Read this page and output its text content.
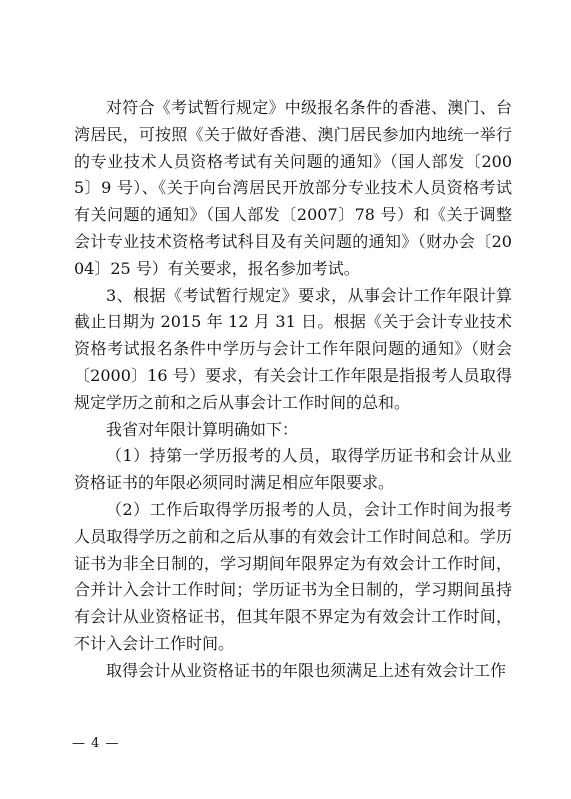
对符合《考试暂行规定》中级报名条件的香港、澳门、台湾居民，可按照《关于做好香港、澳门居民参加内地统一举行的专业技术人员资格考试有关问题的通知》（国人部发〔2005〕9 号）、《关于向台湾居民开放部分专业技术人员资格考试有关问题的通知》（国人部发〔2007〕78 号）和《关于调整会计专业技术资格考试科目及有关问题的通知》（财办会〔2004〕25 号）有关要求，报名参加考试。

3、根据《考试暂行规定》要求，从事会计工作年限计算截止日期为 2015 年 12 月 31 日。根据《关于会计专业技术资格考试报名条件中学历与会计工作年限问题的通知》（财会〔2000〕16 号）要求，有关会计工作年限是指报考人员取得规定学历之前和之后从事会计工作时间的总和。

我省对年限计算明确如下：

（1）持第一学历报考的人员，取得学历证书和会计从业资格证书的年限必须同时满足相应年限要求。

（2）工作后取得学历报考的人员，会计工作时间为报考人员取得学历之前和之后从事的有效会计工作时间总和。学历证书为非全日制的，学习期间年限界定为有效会计工作时间，合并计入会计工作时间；学历证书为全日制的，学习期间虽持有会计从业资格证书，但其年限不界定为有效会计工作时间，不计入会计工作时间。

取得会计从业资格证书的年限也须满足上述有效会计工作

— 4 —
